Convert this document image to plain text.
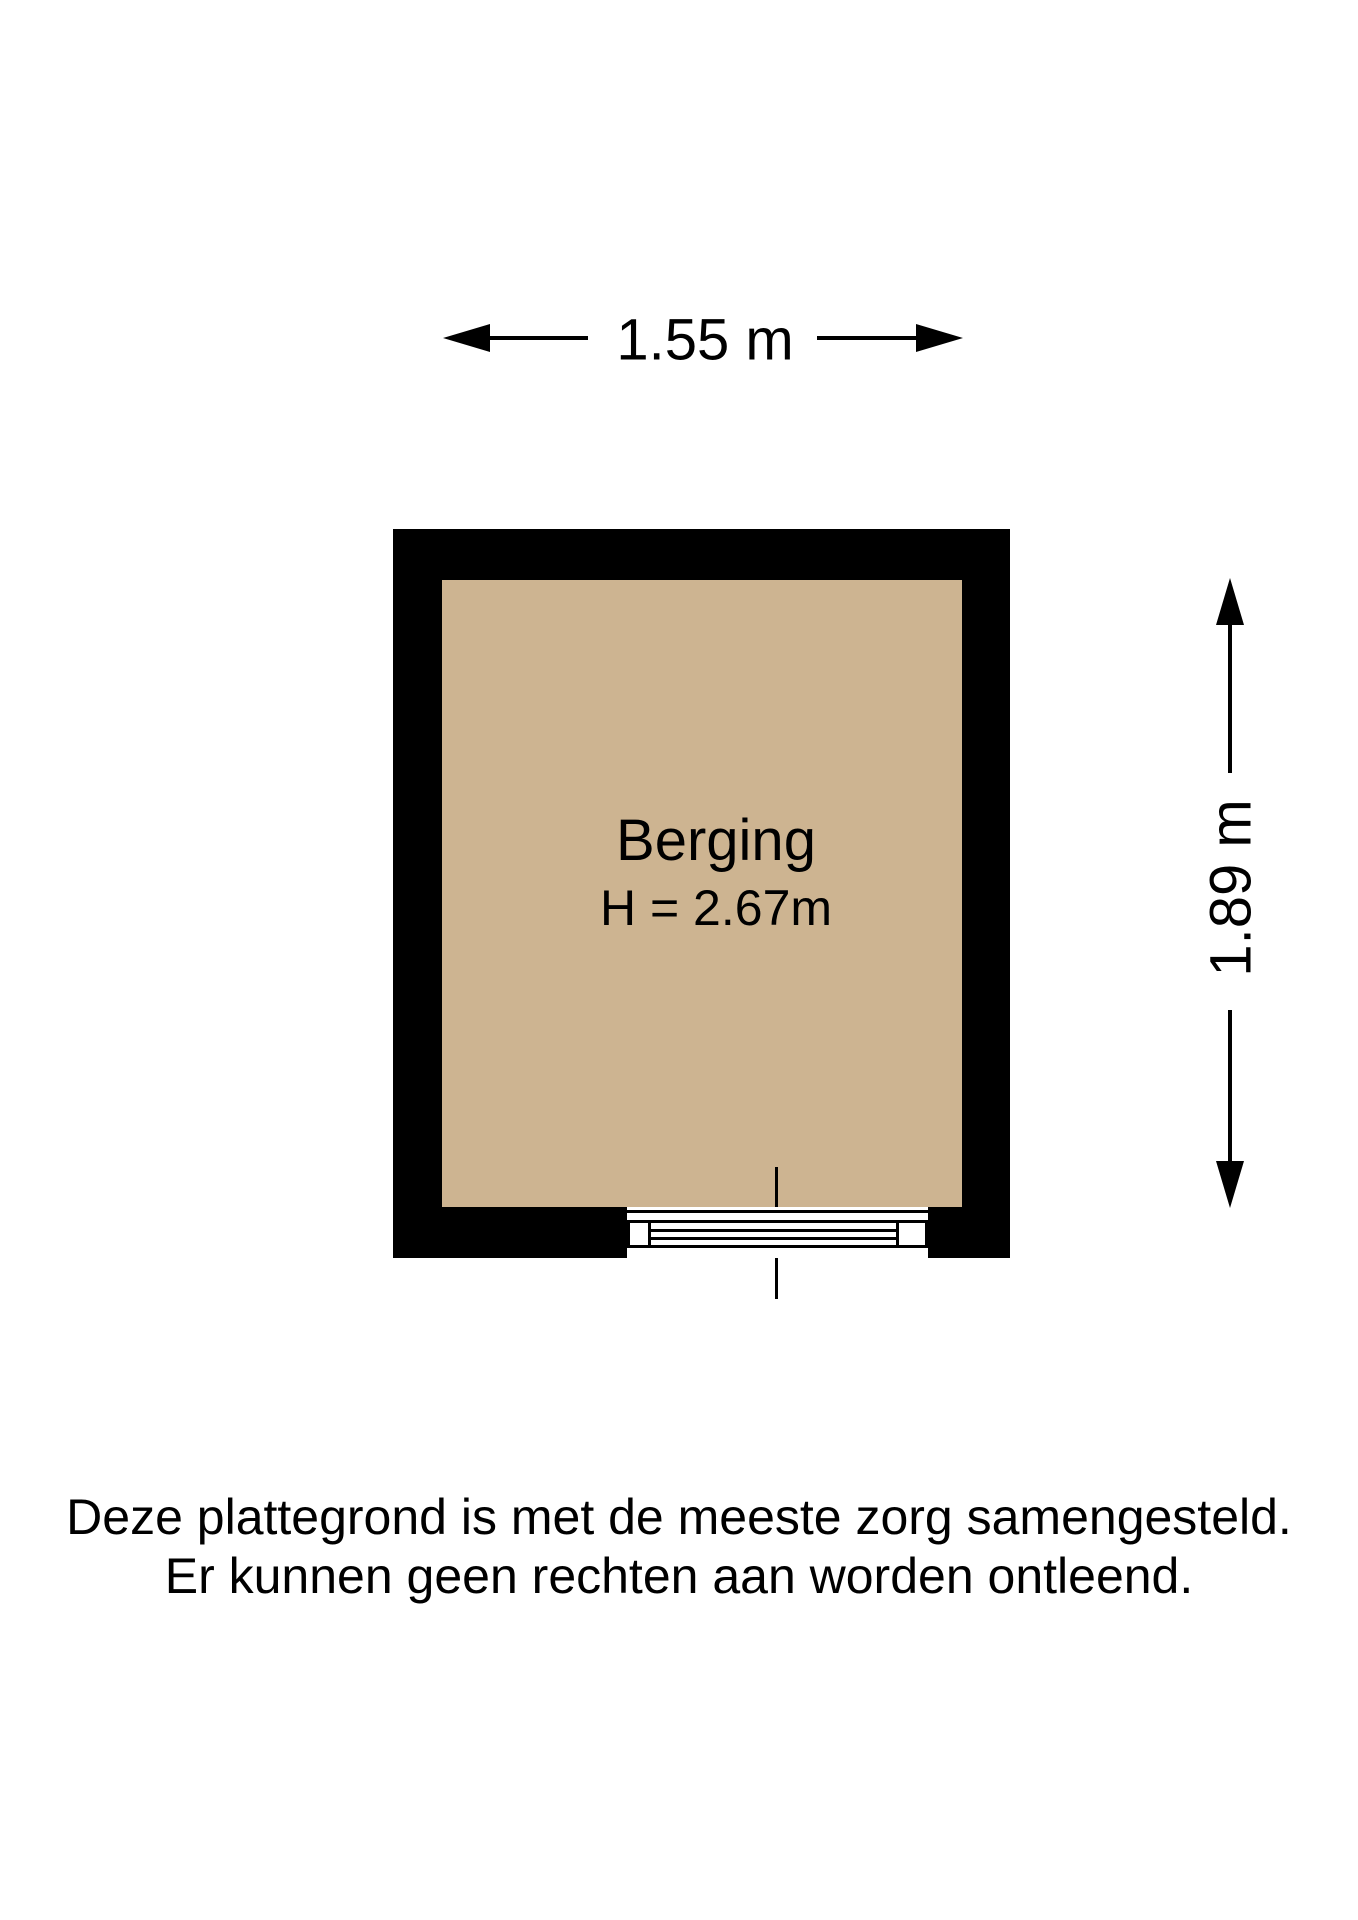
1.55 m
Berging
H = 2.67m	1.89 m
Deze plattegrond is met de meeste zorg samengesteld.
Er kunnen geen rechten aan worden ontleend.
